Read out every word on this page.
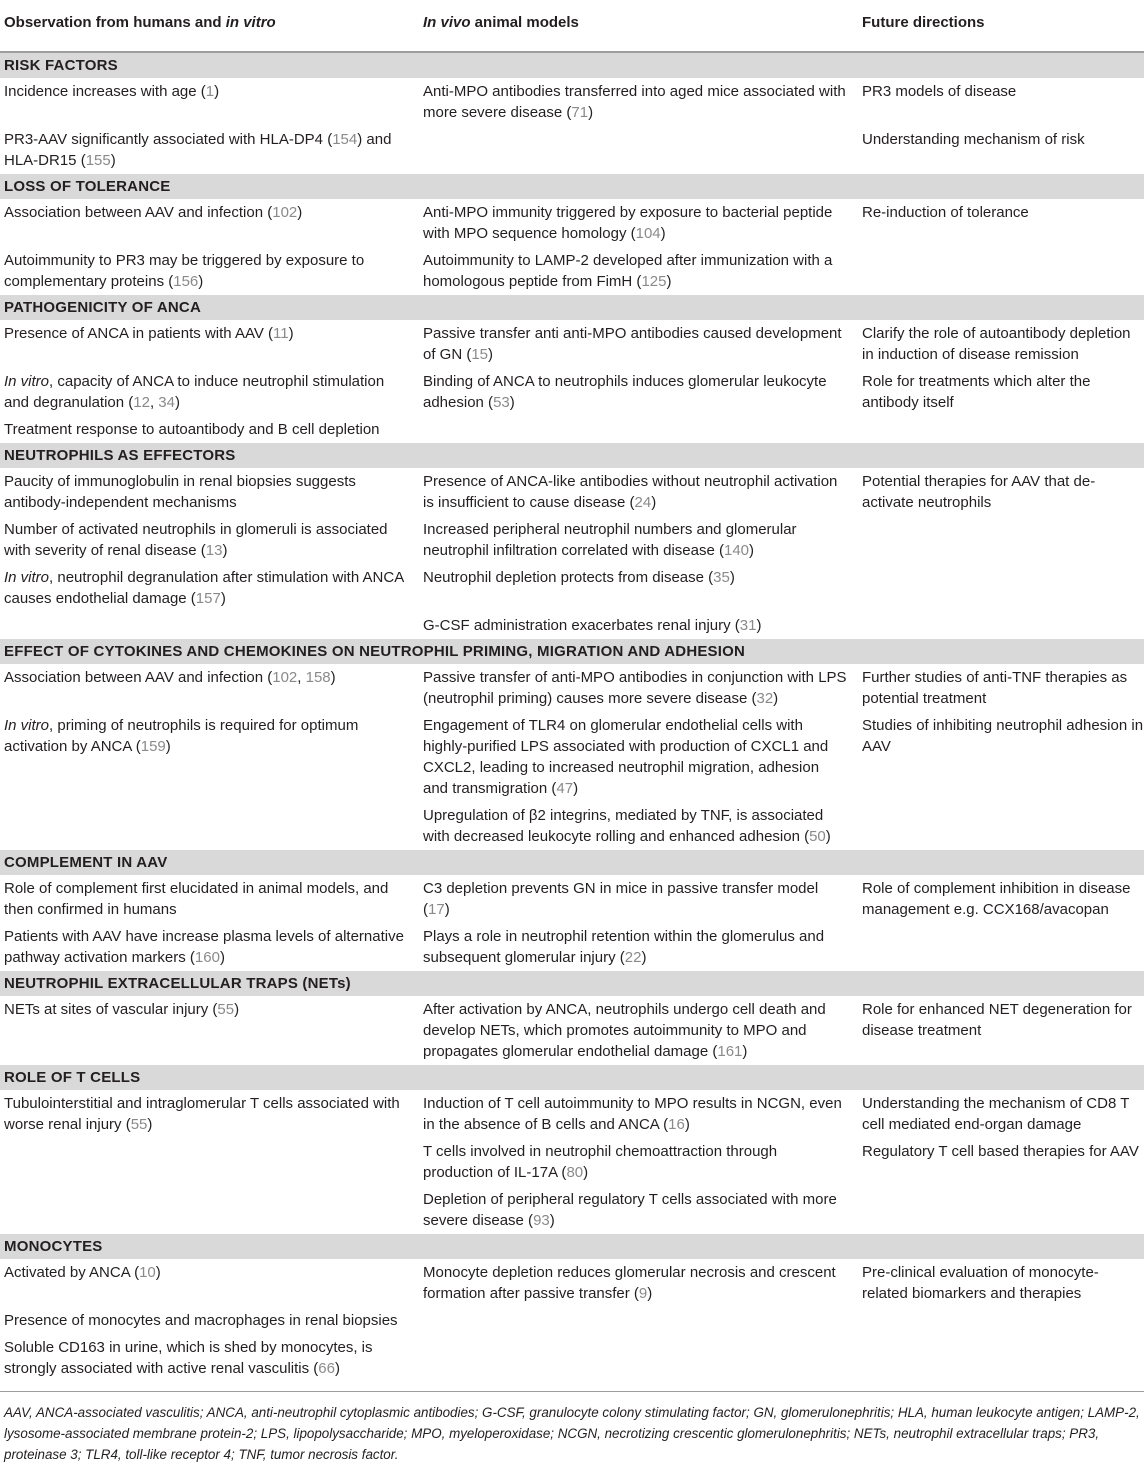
Observation from humans and in vitro	In vivo animal models	Future directions
RISK FACTORS		
Incidence increases with age (1)	Anti-MPO antibodies transferred into aged mice associated with more severe disease (71)	PR3 models of disease
PR3-AAV significantly associated with HLA-DP4 (154) and HLA-DR15 (155)		Understanding mechanism of risk
LOSS OF TOLERANCE		
Association between AAV and infection (102)	Anti-MPO immunity triggered by exposure to bacterial peptide with MPO sequence homology (104)	Re-induction of tolerance
Autoimmunity to PR3 may be triggered by exposure to complementary proteins (156)	Autoimmunity to LAMP-2 developed after immunization with a homologous peptide from FimH (125)	
PATHOGENICITY OF ANCA		
Presence of ANCA in patients with AAV (11)	Passive transfer anti anti-MPO antibodies caused development of GN (15)	Clarify the role of autoantibody depletion in induction of disease remission
In vitro, capacity of ANCA to induce neutrophil stimulation and degranulation (12, 34)	Binding of ANCA to neutrophils induces glomerular leukocyte adhesion (53)	Role for treatments which alter the antibody itself
Treatment response to autoantibody and B cell depletion		
NEUTROPHILS AS EFFECTORS		
Paucity of immunoglobulin in renal biopsies suggests antibody-independent mechanisms	Presence of ANCA-like antibodies without neutrophil activation is insufficient to cause disease (24)	Potential therapies for AAV that de-activate neutrophils
Number of activated neutrophils in glomeruli is associated with severity of renal disease (13)	Increased peripheral neutrophil numbers and glomerular neutrophil infiltration correlated with disease (140)	
In vitro, neutrophil degranulation after stimulation with ANCA causes endothelial damage (157)	Neutrophil depletion protects from disease (35)	
	G-CSF administration exacerbates renal injury (31)	
EFFECT OF CYTOKINES AND CHEMOKINES ON NEUTROPHIL PRIMING, MIGRATION AND ADHESION		
Association between AAV and infection (102, 158)	Passive transfer of anti-MPO antibodies in conjunction with LPS (neutrophil priming) causes more severe disease (32)	Further studies of anti-TNF therapies as potential treatment
In vitro, priming of neutrophils is required for optimum activation by ANCA (159)	Engagement of TLR4 on glomerular endothelial cells with highly-purified LPS associated with production of CXCL1 and CXCL2, leading to increased neutrophil migration, adhesion and transmigration (47)	Studies of inhibiting neutrophil adhesion in AAV
	Upregulation of β2 integrins, mediated by TNF, is associated with decreased leukocyte rolling and enhanced adhesion (50)	
COMPLEMENT IN AAV		
Role of complement first elucidated in animal models, and then confirmed in humans	C3 depletion prevents GN in mice in passive transfer model (17)	Role of complement inhibition in disease management e.g. CCX168/avacopan
Patients with AAV have increase plasma levels of alternative pathway activation markers (160)	Plays a role in neutrophil retention within the glomerulus and subsequent glomerular injury (22)	
NEUTROPHIL EXTRACELLULAR TRAPS (NETs)		
NETs at sites of vascular injury (55)	After activation by ANCA, neutrophils undergo cell death and develop NETs, which promotes autoimmunity to MPO and propagates glomerular endothelial damage (161)	Role for enhanced NET degeneration for disease treatment
ROLE OF T CELLS		
Tubulointerstitial and intraglomerular T cells associated with worse renal injury (55)	Induction of T cell autoimmunity to MPO results in NCGN, even in the absence of B cells and ANCA (16)	Understanding the mechanism of CD8 T cell mediated end-organ damage
	T cells involved in neutrophil chemoattraction through production of IL-17A (80)	Regulatory T cell based therapies for AAV
	Depletion of peripheral regulatory T cells associated with more severe disease (93)	
MONOCYTES		
Activated by ANCA (10)	Monocyte depletion reduces glomerular necrosis and crescent formation after passive transfer (9)	Pre-clinical evaluation of monocyte-related biomarkers and therapies
Presence of monocytes and macrophages in renal biopsies		
Soluble CD163 in urine, which is shed by monocytes, is strongly associated with active renal vasculitis (66)		
AAV, ANCA-associated vasculitis; ANCA, anti-neutrophil cytoplasmic antibodies; G-CSF, granulocyte colony stimulating factor; GN, glomerulonephritis; HLA, human leukocyte antigen; LAMP-2, lysosome-associated membrane protein-2; LPS, lipopolysaccharide; MPO, myeloperoxidase; NCGN, necrotizing crescentic glomerulonephritis; NETs, neutrophil extracellular traps; PR3, proteinase 3; TLR4, toll-like receptor 4; TNF, tumor necrosis factor.
